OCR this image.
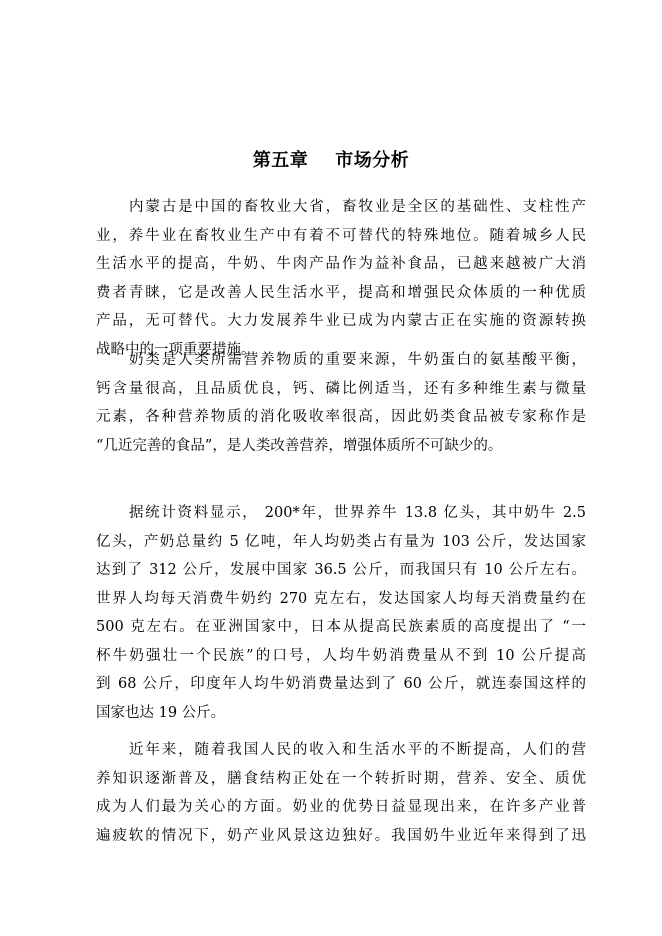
第五章    市场分析
内蒙古是中国的畜牧业大省，畜牧业是全区的基础性、支柱性产
业，养牛业在畜牧业生产中有着不可替代的特殊地位。随着城乡人民
生活水平的提高，牛奶、牛肉产品作为益补食品，已越来越被广大消
费者青睐，它是改善人民生活水平，提高和增强民众体质的一种优质
产品，无可替代。大力发展养牛业已成为内蒙古正在实施的资源转换
战略中的一项重要措施。
奶类是人类所需营养物质的重要来源，牛奶蛋白的氨基酸平衡，
钙含量很高，且品质优良，钙、磷比例适当，还有多种维生素与微量
元素，各种营养物质的消化吸收率很高，因此奶类食品被专家称作是
“几近完善的食品”，是人类改善营养，增强体质所不可缺少的。
据统计资料显示， 200*年，世界养牛 13.8 亿头，其中奶牛 2.5
亿头，产奶总量约 5 亿吨，年人均奶类占有量为 103 公斤，发达国家
达到了 312 公斤，发展中国家 36.5 公斤，而我国只有 10 公斤左右。
世界人均每天消费牛奶约 270 克左右，发达国家人均每天消费量约在
500 克左右。在亚洲国家中，日本从提高民族素质的高度提出了 “一
杯牛奶强壮一个民族”的口号，人均牛奶消费量从不到 10 公斤提高
到 68 公斤，印度年人均牛奶消费量达到了 60 公斤，就连泰国这样的
国家也达 19 公斤。
近年来，随着我国人民的收入和生活水平的不断提高，人们的营
养知识逐渐普及，膳食结构正处在一个转折时期，营养、安全、质优
成为人们最为关心的方面。奶业的优势日益显现出来，在许多产业普
遍疲软的情况下，奶产业风景这边独好。我国奶牛业近年来得到了迅
